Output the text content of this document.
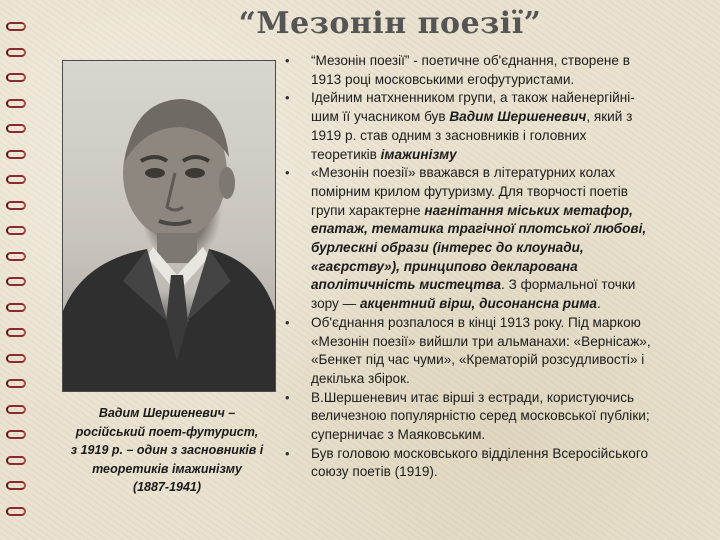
“Мезонін поезії”
Вадим Шершеневич –
російський поет-футурист,
з 1919 р. – один з засновників і
теоретиків імажинізму
(1887-1941)
• “Мезонін поезії” - поетичне об'єднання, створене в
1913 році московськими егофутуристами.
• Ідейним натхненником групи, а також найенергійні-
шим її учасником був Вадим Шершеневич, який з
1919 р. став одним з засновників і головних
теоретиків імажинізму
• «Мезонін поезії» вважався в літературних колах
помірним крилом футуризму. Для творчості поетів
групи характерне нагнітання міських метафор,
епатаж, тематика трагічної плотської любові,
бурлескні образи (інтерес до клоунади,
«гаєрству»), принципово декларована
аполітичність мистецтва. З формальної точки
зору — акцентний вірш, дисонансна рима.
• Об'єднання розпалося в кінці 1913 року. Під маркою
«Мезонін поезії» вийшли три альманахи: «Вернісаж»,
«Бенкет під час чуми», «Крематорій розсудливості» і
декілька збірок.
• В.Шершеневич итає вірші з естради, користуючись
величезною популярністю серед московської публіки;
суперничає з Маяковським.
• Був головою московського відділення Всеросійського
союзу поетів (1919).
